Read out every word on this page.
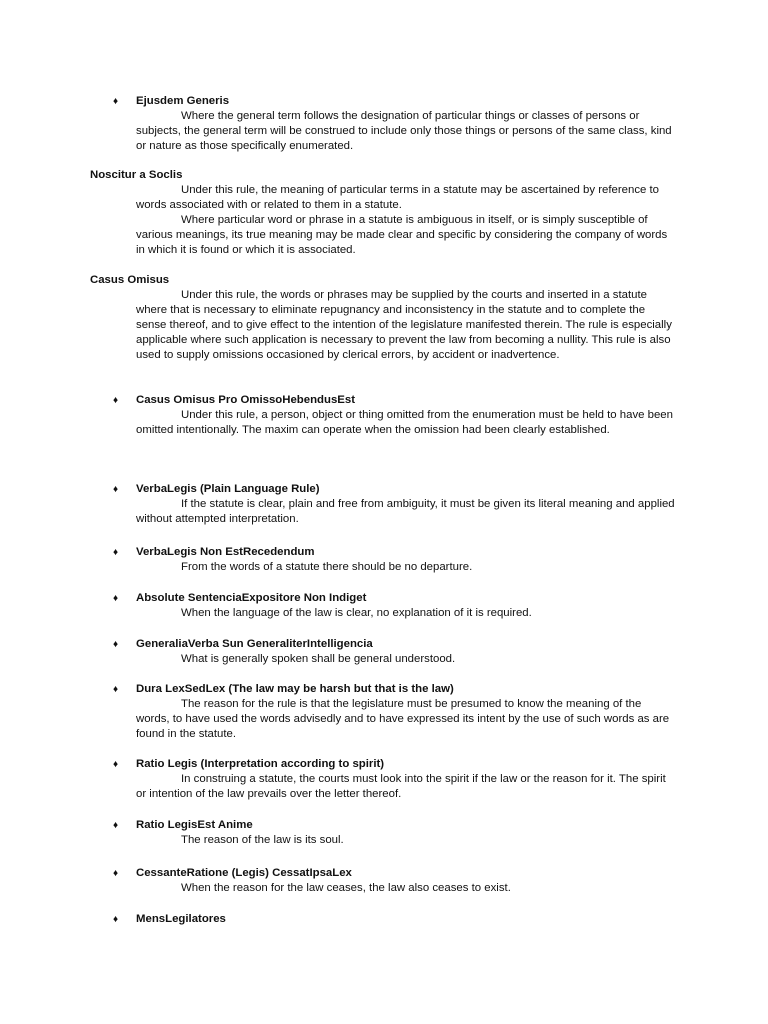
♦ Ejusdem Generis

Where the general term follows the designation of particular things or classes of persons or subjects, the general term will be construed to include only those things or persons of the same class, kind or nature as those specifically enumerated.

Noscitur a Soclis

Under this rule, the meaning of particular terms in a statute may be ascertained by reference to words associated with or related to them in a statute.

Where particular word or phrase in a statute is ambiguous in itself, or is simply susceptible of various meanings, its true meaning may be made clear and specific by considering the company of words in which it is found or which it is associated.

Casus Omisus

Under this rule, the words or phrases may be supplied by the courts and inserted in a statute where that is necessary to eliminate repugnancy and inconsistency in the statute and to complete the sense thereof, and to give effect to the intention of the legislature manifested therein. The rule is especially applicable where such application is necessary to prevent the law from becoming a nullity. This rule is also used to supply omissions occasioned by clerical errors, by accident or inadvertence.

♦ Casus Omisus Pro OmissoHebendusEst

Under this rule, a person, object or thing omitted from the enumeration must be held to have been omitted intentionally. The maxim can operate when the omission had been clearly established.

♦ VerbaLegis (Plain Language Rule)

If the statute is clear, plain and free from ambiguity, it must be given its literal meaning and applied without attempted interpretation.

♦ VerbaLegis Non EstRecedendum

From the words of a statute there should be no departure.

♦ Absolute SentenciaExpositore Non Indiget

When the language of the law is clear, no explanation of it is required.

♦ GeneraliaVerba Sun GeneraliterIntelligencia

What is generally spoken shall be general understood.

♦ Dura LexSedLex (The law may be harsh but that is the law)

The reason for the rule is that the legislature must be presumed to know the meaning of the words, to have used the words advisedly and to have expressed its intent by the use of such words as are found in the statute.

♦ Ratio Legis (Interpretation according to spirit)

In construing a statute, the courts must look into the spirit if the law or the reason for it. The spirit or intention of the law prevails over the letter thereof.

♦ Ratio LegisEst Anime

The reason of the law is its soul.

♦ CessanteRatione (Legis) CessatIpsaLex

When the reason for the law ceases, the law also ceases to exist.

♦ MensLegilatores
